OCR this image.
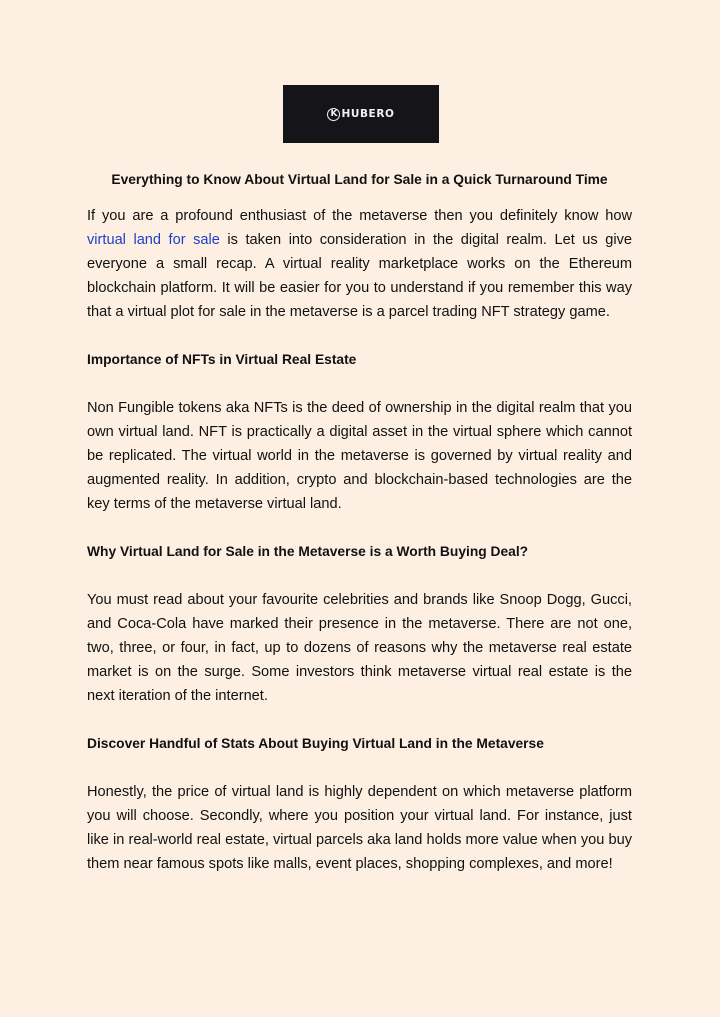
K HUBERO

Everything to Know About Virtual Land for Sale in a Quick Turnaround Time

If you are a profound enthusiast of the metaverse then you definitely know how virtual land for sale is taken into consideration in the digital realm. Let us give everyone a small recap. A virtual reality marketplace works on the Ethereum blockchain platform. It will be easier for you to understand if you remember this way that a virtual plot for sale in the metaverse is a parcel trading NFT strategy game.

Importance of NFTs in Virtual Real Estate

Non Fungible tokens aka NFTs is the deed of ownership in the digital realm that you own virtual land. NFT is practically a digital asset in the virtual sphere which cannot be replicated. The virtual world in the metaverse is governed by virtual reality and augmented reality. In addition, crypto and blockchain-based technologies are the key terms of the metaverse virtual land.

Why Virtual Land for Sale in the Metaverse is a Worth Buying Deal?

You must read about your favourite celebrities and brands like Snoop Dogg, Gucci, and Coca-Cola have marked their presence in the metaverse. There are not one, two, three, or four, in fact, up to dozens of reasons why the metaverse real estate market is on the surge. Some investors think metaverse virtual real estate is the next iteration of the internet.

Discover Handful of Stats About Buying Virtual Land in the Metaverse

Honestly, the price of virtual land is highly dependent on which metaverse platform you will choose. Secondly, where you position your virtual land. For instance, just like in real-world real estate, virtual parcels aka land holds more value when you buy them near famous spots like malls, event places, shopping complexes, and more!
